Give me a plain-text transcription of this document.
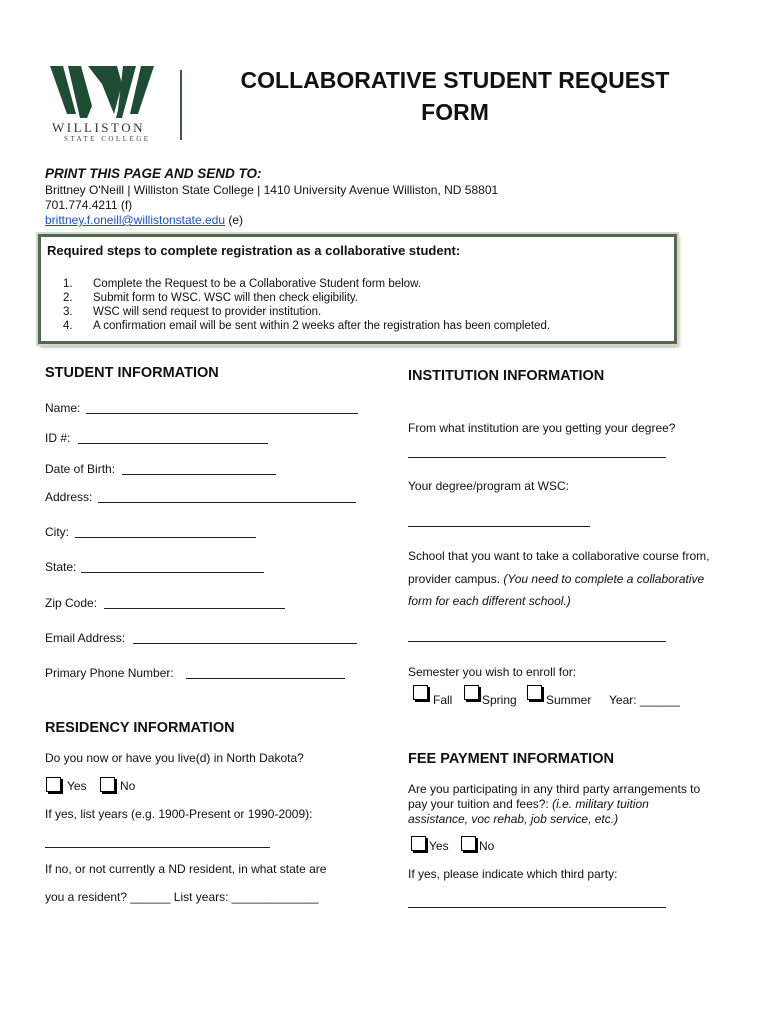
WILLISTON
STATE COLLEGE
COLLABORATIVE STUDENT REQUEST
FORM
PRINT THIS PAGE AND SEND TO:
Brittney O'Neill | Williston State College | 1410 University Avenue Williston, ND 58801
701.774.4211 (f)
brittney.f.oneill@willistonstate.edu (e)
Required steps to complete registration as a collaborative student:
1. Complete the Request to be a Collaborative Student form below.
2. Submit form to WSC. WSC will then check eligibility.
3. WSC will send request to provider institution.
4. A confirmation email will be sent within 2 weeks after the registration has been completed.
STUDENT INFORMATION
Name:
ID #:
Date of Birth:
Address:
City:
State:
Zip Code:
Email Address:
Primary Phone Number:
RESIDENCY INFORMATION
Do you now or have you live(d) in North Dakota?
Yes	No
If yes, list years (e.g. 1900-Present or 1990-2009):
If no, or not currently a ND resident, in what state are
you a resident? ______ List years: _____________
INSTITUTION INFORMATION
From what institution are you getting your degree?
Your degree/program at WSC:
School that you want to take a collaborative course from,
provider campus. (You need to complete a collaborative
form for each different school.)
Semester you wish to enroll for:
Fall Spring Summer Year: ______
FEE PAYMENT INFORMATION
Are you participating in any third party arrangements to
pay your tuition and fees?: (i.e. military tuition
assistance, voc rehab, job service, etc.)
Yes	No
If yes, please indicate which third party:
